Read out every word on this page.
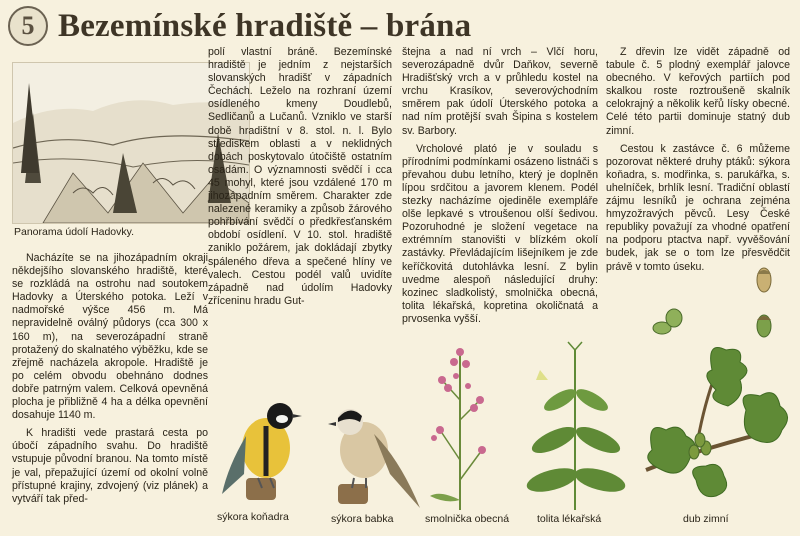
5 Bezemínské hradiště – brána
Panorama údolí Hadovky.

Nacházíte se na jihozápadním okraji někdejšího slovanského hradiště, které se rozkládá na ostrohu nad soutokem Hadovky a Úterského potoka. Leží v nadmořské výšce 456 m. Má nepravidelně oválný půdorys (cca 300 x 160 m), na severozápadní straně protažený do skalnatého výběžku, kde se zřejmě nacházela akropole. Hradiště je po celém obvodu obehnáno dodnes dobře patrným valem. Celková opevněná plocha je přibližně 4 ha a délka opevnění dosahuje 1140 m.

K hradišti vede prastará cesta po úbočí západního svahu. Do hradiště vstupuje původní branou. Na tomto místě je val, přepažující území od okolní volně přístupné krajiny, zdvojený (viz plánek) a vytváří tak před-

polí vlastní bráně. Bezemínské hradiště je jedním z nejstarších slovanských hradišť v západních Čechách. Leželo na rozhraní území osídleného kmeny Doudlebů, Sedličanů a Lučanů. Vzniklo ve starší době hradištní v 8. stol. n. l. Bylo střediskem oblasti a v neklidných dobách poskytovalo útočiště ostatním osadám. O významnosti svědčí i cca 45 mohyl, které jsou vzdálené 170 m jihozápadním směrem. Charakter zde nalezené keramiky a způsob žárového pohřbívání svědčí o předkřesťanském období osídlení. V 10. stol. hradiště zaniklo požárem, jak dokládají zbytky spáleného dřeva a spečené hlíny ve valech. Cestou podél valů uvidíte západně nad údolím Hadovky zříceninu hradu Gut-

štejna a nad ní vrch – Vlčí horu, severozápadně dvůr Daňkov, severně Hradišťský vrch a v průhledu kostel na vrchu Krasíkov, severovýchodním směrem pak údolí Úterského potoka a nad ním protější svah Šipina s kostelem sv. Barbory.

Vrcholové plató je v souladu s přírodními podmínkami osázeno listnáči s převahou dubu letního, který je doplněn lípou srdčitou a javorem klenem. Podél stezky nacházíme ojediněle exempláře olše lepkavé s vtroušenou olší šedivou. Pozoruhodné je složení vegetace na extrémním stanovišti v blízkém okolí zastávky. Převládajícím lišejníkem je zde keříčkovitá dutohlávka lesní. Z bylin uvedme alespoň následující druhy: kozinec sladkolistý, smolnička obecná, tolita lékařská, kopretina okoličnatá a prvosenka vyšší.

Z dřevin lze vidět západně od tabule č. 5 plodný exemplář jalovce obecného. V keřových partiích pod skalkou roste roztroušeně skalník celokrajný a několik keřů lísky obecné. Celé této partii dominuje statný dub zimní.

Cestou k zastávce č. 6 můžeme pozorovat některé druhy ptáků: sýkora koňadra, s. modřinka, s. parukářka, s. uhelníček, brhlík lesní. Tradiční oblastí zájmu lesníků je ochrana zejména hmyzožravých pěvců. Lesy České republiky považují za vhodné opatření na podporu ptactva např. vyvěšování budek, jak se o tom lze přesvědčit právě v tomto úseku.

sýkora koňadra	sýkora babka	smolnička obecná	tolita lékařská	dub zimní
